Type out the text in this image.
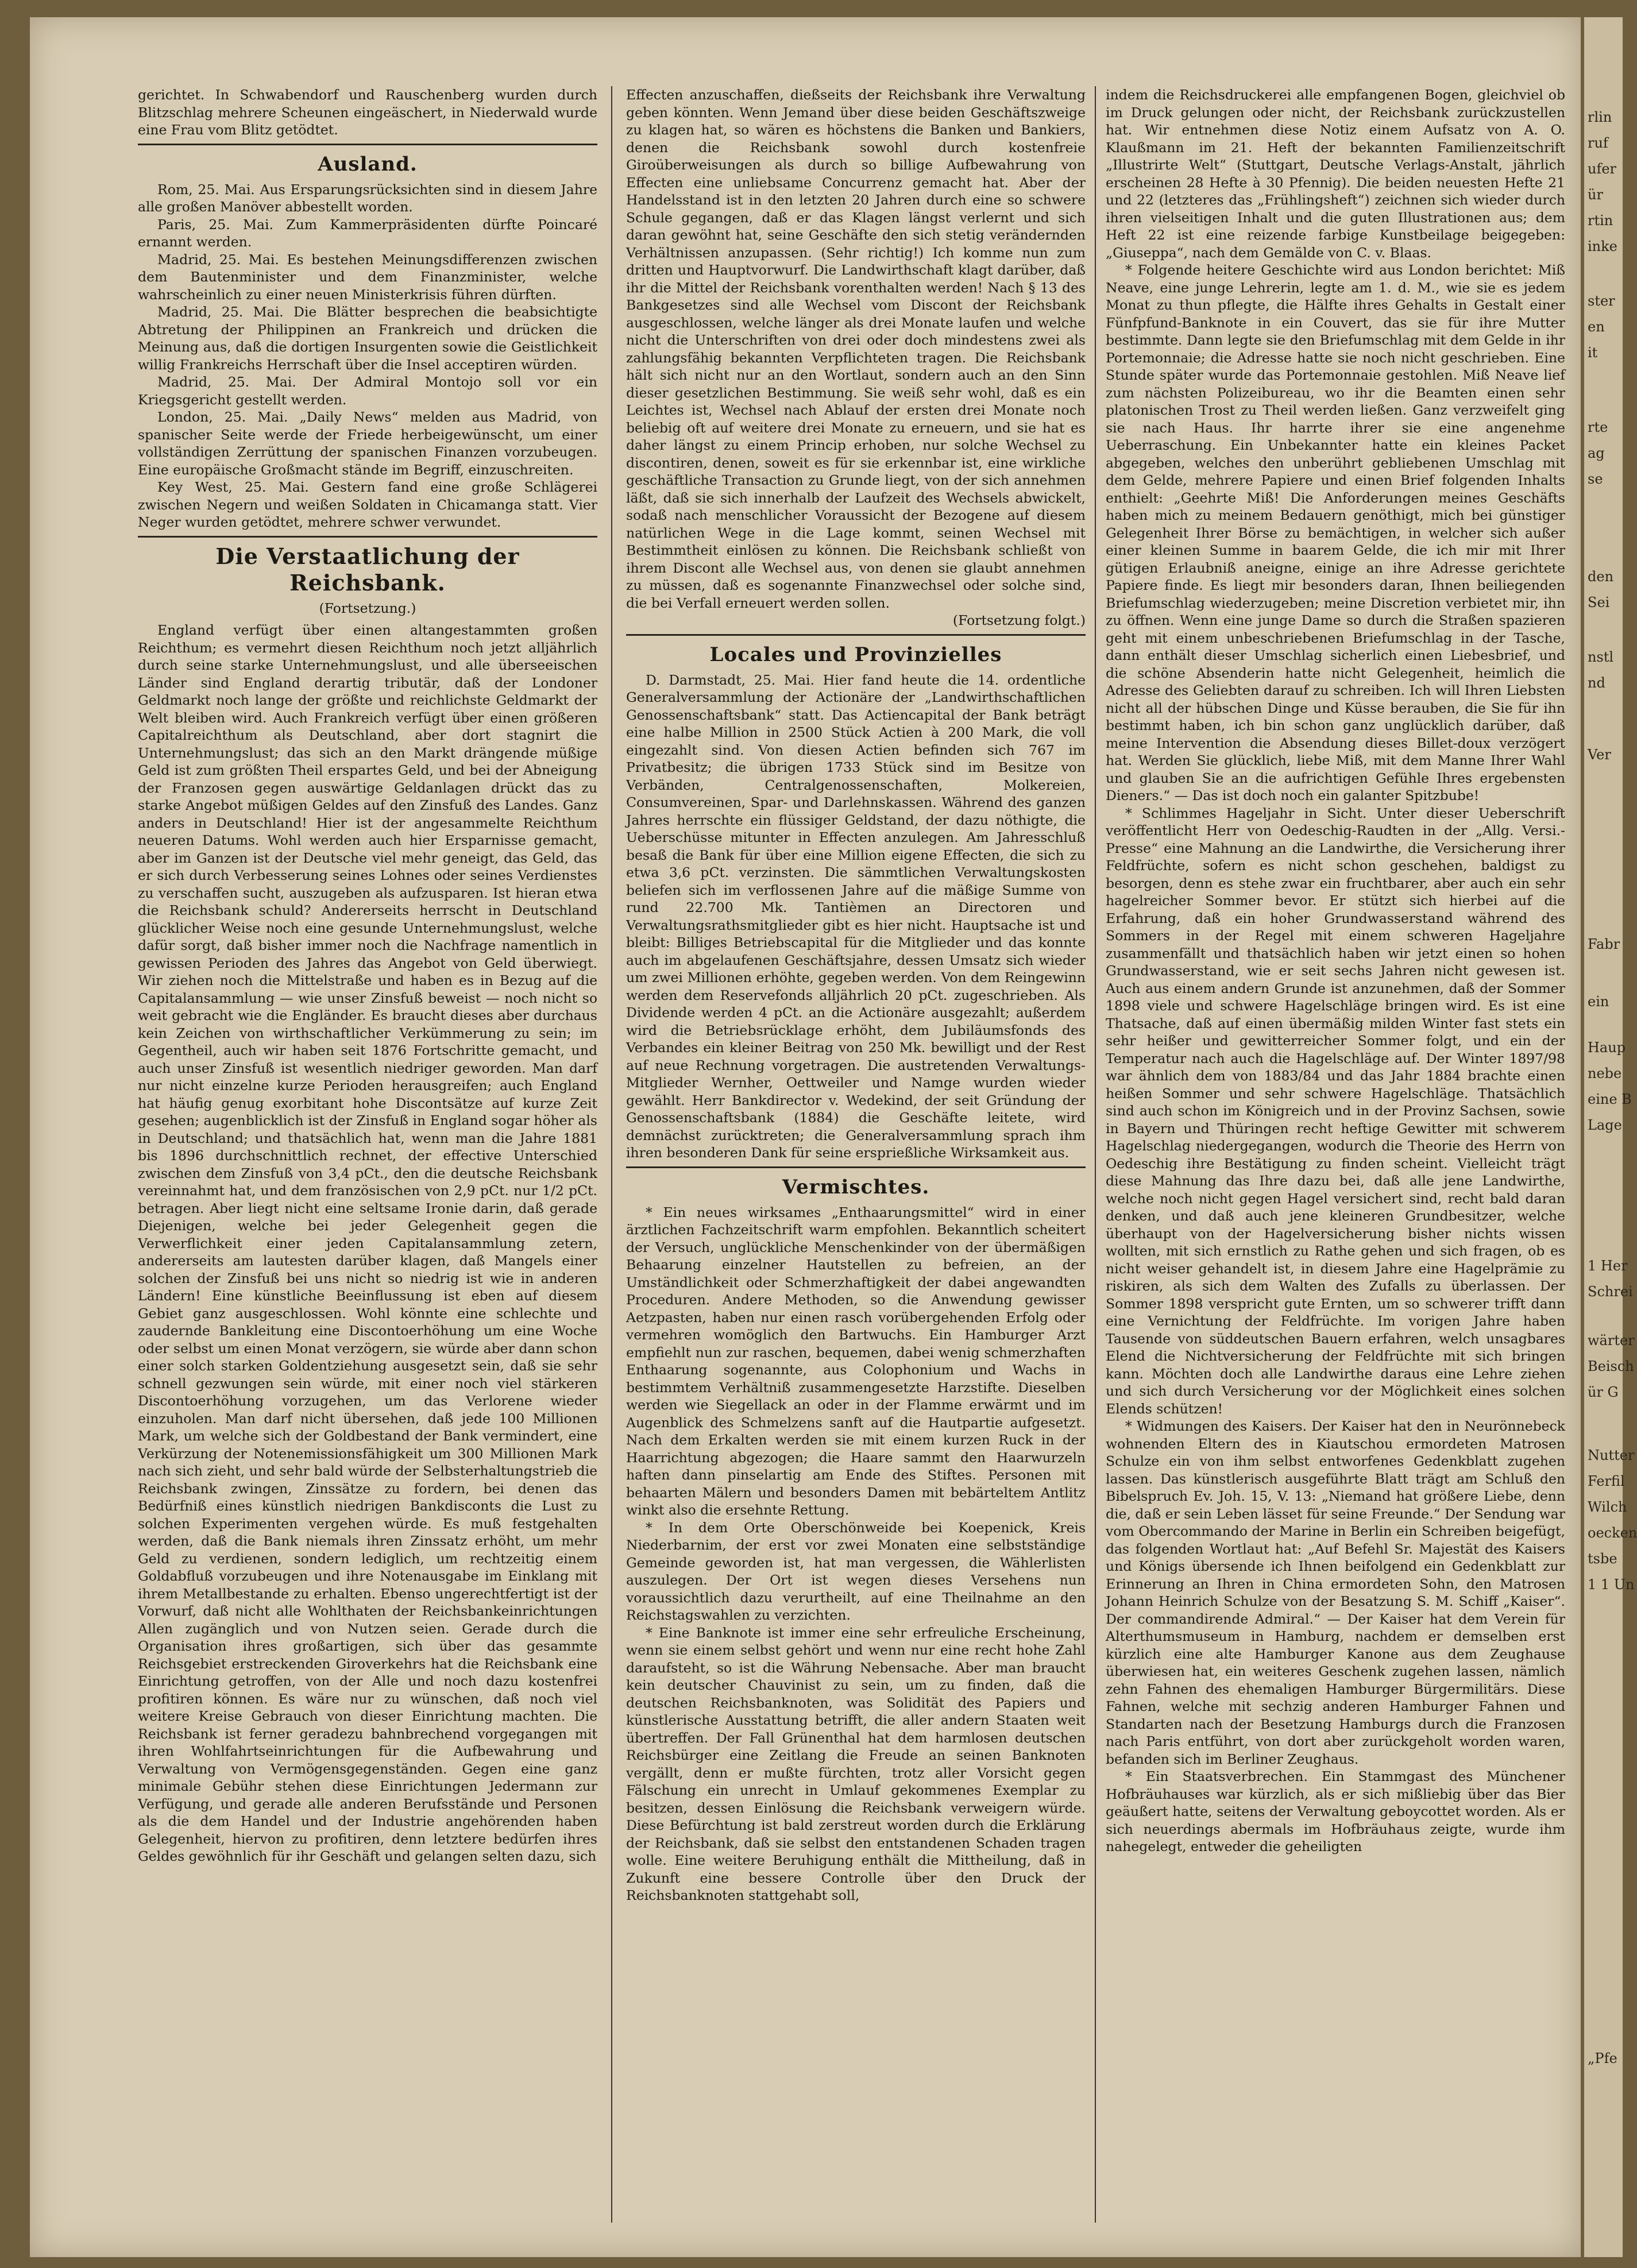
rlin
ruf
ufer
ür
rtin
inke
ster
en
it
rte
ag
se
den
Sei
nstl
nd
Ver
Fabr
ein
Haup
nebe
eine B
Lage
1 Her
Schrei
wärter
Beisch
ür G
Nutter
Ferfil
Wilch
oecken
tsbe
1 1 Un
„Pfe

gerichtet. In Schwabendorf und Rauschenberg wurden durch Blitzschlag mehrere Scheunen eingeäschert, in Niederwald wurde eine Frau vom Blitz getödtet.

Ausland.

Rom, 25. Mai. Aus Ersparungsrücksichten sind in diesem Jahre alle großen Manöver abbestellt worden.

Paris, 25. Mai. Zum Kammerpräsidenten dürfte Poincaré ernannt werden.

Madrid, 25. Mai. Es bestehen Meinungsdifferenzen zwischen dem Bautenminister und dem Finanzminister, welche wahrscheinlich zu einer neuen Ministerkrisis führen dürften.

Madrid, 25. Mai. Die Blätter besprechen die beabsichtigte Abtretung der Philippinen an Frankreich und drücken die Meinung aus, daß die dortigen Insurgenten sowie die Geistlichkeit willig Frankreichs Herrschaft über die Insel acceptiren würden.

Madrid, 25. Mai. Der Admiral Montojo soll vor ein Kriegsgericht gestellt werden.

London, 25. Mai. „Daily News“ melden aus Madrid, von spanischer Seite werde der Friede herbeigewünscht, um einer vollständigen Zerrüttung der spanischen Finanzen vorzubeugen. Eine europäische Großmacht stände im Begriff, einzuschreiten.

Key West, 25. Mai. Gestern fand eine große Schlägerei zwischen Negern und weißen Soldaten in Chicamanga statt. Vier Neger wurden getödtet, mehrere schwer verwundet.

Die Verstaatlichung der Reichsbank.
(Fortsetzung.)

England verfügt über einen altangestammten großen Reichthum; es vermehrt diesen Reichthum noch jetzt alljährlich durch seine starke Unternehmungslust, und alle überseeischen Länder sind England derartig tributär, daß der Londoner Geldmarkt noch lange der größte und reichlichste Geldmarkt der Welt bleiben wird. Auch Frankreich verfügt über einen größeren Capitalreichthum als Deutschland, aber dort stagnirt die Unternehmungslust; das sich an den Markt drängende müßige Geld ist zum größten Theil erspartes Geld, und bei der Abneigung der Franzosen gegen auswärtige Geldanlagen drückt das zu starke Angebot müßigen Geldes auf den Zinsfuß des Landes. Ganz anders in Deutschland! Hier ist der angesammelte Reichthum neueren Datums. Wohl werden auch hier Ersparnisse gemacht, aber im Ganzen ist der Deutsche viel mehr geneigt, das Geld, das er sich durch Verbesserung seines Lohnes oder seines Verdienstes zu verschaffen sucht, auszugeben als aufzusparen. Ist hieran etwa die Reichsbank schuld? Andererseits herrscht in Deutschland glücklicher Weise noch eine gesunde Unternehmungslust, welche dafür sorgt, daß bisher immer noch die Nachfrage namentlich in gewissen Perioden des Jahres das Angebot von Geld überwiegt. Wir ziehen noch die Mittelstraße und haben es in Bezug auf die Capitalansammlung — wie unser Zinsfuß beweist — noch nicht so weit gebracht wie die Engländer. Es braucht dieses aber durchaus kein Zeichen von wirthschaftlicher Verkümmerung zu sein; im Gegentheil, auch wir haben seit 1876 Fortschritte gemacht, und auch unser Zinsfuß ist wesentlich niedriger geworden. Man darf nur nicht einzelne kurze Perioden herausgreifen; auch England hat häufig genug exorbitant hohe Discontsätze auf kurze Zeit gesehen; augenblicklich ist der Zinsfuß in England sogar höher als in Deutschland; und thatsächlich hat, wenn man die Jahre 1881 bis 1896 durchschnittlich rechnet, der effective Unterschied zwischen dem Zinsfuß von 3,4 pCt., den die deutsche Reichsbank vereinnahmt hat, und dem französischen von 2,9 pCt. nur 1/2 pCt. betragen. Aber liegt nicht eine seltsame Ironie darin, daß gerade Diejenigen, welche bei jeder Gelegenheit gegen die Verwerflichkeit einer jeden Capitalansammlung zetern, andererseits am lautesten darüber klagen, daß Mangels einer solchen der Zinsfuß bei uns nicht so niedrig ist wie in anderen Ländern! Eine künstliche Beeinflussung ist eben auf diesem Gebiet ganz ausgeschlossen. Wohl könnte eine schlechte und zaudernde Bankleitung eine Discontoerhöhung um eine Woche oder selbst um einen Monat verzögern, sie würde aber dann schon einer solch starken Goldentziehung ausgesetzt sein, daß sie sehr schnell gezwungen sein würde, mit einer noch viel stärkeren Discontoerhöhung vorzugehen, um das Verlorene wieder einzuholen. Man darf nicht übersehen, daß jede 100 Millionen Mark, um welche sich der Goldbestand der Bank vermindert, eine Verkürzung der Notenemissionsfähigkeit um 300 Millionen Mark nach sich zieht, und sehr bald würde der Selbsterhaltungstrieb die Reichsbank zwingen, Zinssätze zu fordern, bei denen das Bedürfniß eines künstlich niedrigen Bankdisconts die Lust zu solchen Experimenten vergehen würde. Es muß festgehalten werden, daß die Bank niemals ihren Zinssatz erhöht, um mehr Geld zu verdienen, sondern lediglich, um rechtzeitig einem Goldabfluß vorzubeugen und ihre Notenausgabe im Einklang mit ihrem Metallbestande zu erhalten. Ebenso ungerechtfertigt ist der Vorwurf, daß nicht alle Wohlthaten der Reichsbankeinrichtungen Allen zugänglich und von Nutzen seien. Gerade durch die Organisation ihres großartigen, sich über das gesammte Reichsgebiet erstreckenden Giroverkehrs hat die Reichsbank eine Einrichtung getroffen, von der Alle und noch dazu kostenfrei profitiren können. Es wäre nur zu wünschen, daß noch viel weitere Kreise Gebrauch von dieser Einrichtung machten. Die Reichsbank ist ferner geradezu bahnbrechend vorgegangen mit ihren Wohlfahrtseinrichtungen für die Aufbewahrung und Verwaltung von Vermögensgegenständen. Gegen eine ganz minimale Gebühr stehen diese Einrichtungen Jedermann zur Verfügung, und gerade alle anderen Berufsstände und Personen als die dem Handel und der Industrie angehörenden haben Gelegenheit, hiervon zu profitiren, denn letztere bedürfen ihres Geldes gewöhnlich für ihr Geschäft und gelangen selten dazu, sich

Effecten anzuschaffen, dießseits der Reichsbank ihre Verwaltung geben könnten. Wenn Jemand über diese beiden Geschäftszweige zu klagen hat, so wären es höchstens die Banken und Bankiers, denen die Reichsbank sowohl durch kostenfreie Giroüberweisungen als durch so billige Aufbewahrung von Effecten eine unliebsame Concurrenz gemacht hat. Aber der Handelsstand ist in den letzten 20 Jahren durch eine so schwere Schule gegangen, daß er das Klagen längst verlernt und sich daran gewöhnt hat, seine Geschäfte den sich stetig verändernden Verhältnissen anzupassen. (Sehr richtig!) Ich komme nun zum dritten und Hauptvorwurf. Die Landwirthschaft klagt darüber, daß ihr die Mittel der Reichsbank vorenthalten werden! Nach § 13 des Bankgesetzes sind alle Wechsel vom Discont der Reichsbank ausgeschlossen, welche länger als drei Monate laufen und welche nicht die Unterschriften von drei oder doch mindestens zwei als zahlungsfähig bekannten Verpflichteten tragen. Die Reichsbank hält sich nicht nur an den Wortlaut, sondern auch an den Sinn dieser gesetzlichen Bestimmung. Sie weiß sehr wohl, daß es ein Leichtes ist, Wechsel nach Ablauf der ersten drei Monate noch beliebig oft auf weitere drei Monate zu erneuern, und sie hat es daher längst zu einem Princip erhoben, nur solche Wechsel zu discontiren, denen, soweit es für sie erkennbar ist, eine wirkliche geschäftliche Transaction zu Grunde liegt, von der sich annehmen läßt, daß sie sich innerhalb der Laufzeit des Wechsels abwickelt, sodaß nach menschlicher Voraussicht der Bezogene auf diesem natürlichen Wege in die Lage kommt, seinen Wechsel mit Bestimmtheit einlösen zu können. Die Reichsbank schließt von ihrem Discont alle Wechsel aus, von denen sie glaubt annehmen zu müssen, daß es sogenannte Finanzwechsel oder solche sind, die bei Verfall erneuert werden sollen.

(Fortsetzung folgt.)
Locales und Provinzielles

D. Darmstadt, 25. Mai. Hier fand heute die 14. ordentliche Generalversammlung der Actionäre der „Landwirthschaftlichen Genossenschaftsbank“ statt. Das Actiencapital der Bank beträgt eine halbe Million in 2500 Stück Actien à 200 Mark, die voll eingezahlt sind. Von diesen Actien befinden sich 767 im Privatbesitz; die übrigen 1733 Stück sind im Besitze von Verbänden, Centralgenossenschaften, Molkereien, Consumvereinen, Spar- und Darlehnskassen. Während des ganzen Jahres herrschte ein flüssiger Geldstand, der dazu nöthigte, die Ueberschüsse mitunter in Effecten anzulegen. Am Jahresschluß besaß die Bank für über eine Million eigene Effecten, die sich zu etwa 3,6 pCt. verzinsten. Die sämmtlichen Verwaltungskosten beliefen sich im verflossenen Jahre auf die mäßige Summe von rund 22.700 Mk. Tantièmen an Directoren und Verwaltungsrathsmitglieder gibt es hier nicht. Hauptsache ist und bleibt: Billiges Betriebscapital für die Mitglieder und das konnte auch im abgelaufenen Geschäftsjahre, dessen Umsatz sich wieder um zwei Millionen erhöhte, gegeben werden. Von dem Reingewinn werden dem Reservefonds alljährlich 20 pCt. zugeschrieben. Als Dividende werden 4 pCt. an die Actionäre ausgezahlt; außerdem wird die Betriebsrücklage erhöht, dem Jubiläumsfonds des Verbandes ein kleiner Beitrag von 250 Mk. bewilligt und der Rest auf neue Rechnung vorgetragen. Die austretenden Verwaltungs-Mitglieder Wernher, Oettweiler und Namge wurden wieder gewählt. Herr Bankdirector v. Wedekind, der seit Gründung der Genossenschaftsbank (1884) die Geschäfte leitete, wird demnächst zurücktreten; die Generalversammlung sprach ihm ihren besonderen Dank für seine ersprießliche Wirksamkeit aus.

Vermischtes.

* Ein neues wirksames „Enthaarungsmittel“ wird in einer ärztlichen Fachzeitschrift warm empfohlen. Bekanntlich scheitert der Versuch, unglückliche Menschenkinder von der übermäßigen Behaarung einzelner Hautstellen zu befreien, an der Umständlichkeit oder Schmerzhaftigkeit der dabei angewandten Proceduren. Andere Methoden, so die Anwendung gewisser Aetzpasten, haben nur einen rasch vorübergehenden Erfolg oder vermehren womöglich den Bartwuchs. Ein Hamburger Arzt empfiehlt nun zur raschen, bequemen, dabei wenig schmerzhaften Enthaarung sogenannte, aus Colophonium und Wachs in bestimmtem Verhältniß zusammengesetzte Harzstifte. Dieselben werden wie Siegellack an oder in der Flamme erwärmt und im Augenblick des Schmelzens sanft auf die Hautpartie aufgesetzt. Nach dem Erkalten werden sie mit einem kurzen Ruck in der Haarrichtung abgezogen; die Haare sammt den Haarwurzeln haften dann pinselartig am Ende des Stiftes. Personen mit behaarten Mälern und besonders Damen mit bebärteltem Antlitz winkt also die ersehnte Rettung.

* In dem Orte Oberschönweide bei Koepenick, Kreis Niederbarnim, der erst vor zwei Monaten eine selbstständige Gemeinde geworden ist, hat man vergessen, die Wählerlisten auszulegen. Der Ort ist wegen dieses Versehens nun voraussichtlich dazu verurtheilt, auf eine Theilnahme an den Reichstagswahlen zu verzichten.

* Eine Banknote ist immer eine sehr erfreuliche Erscheinung, wenn sie einem selbst gehört und wenn nur eine recht hohe Zahl daraufsteht, so ist die Währung Nebensache. Aber man braucht kein deutscher Chauvinist zu sein, um zu finden, daß die deutschen Reichsbanknoten, was Solidität des Papiers und künstlerische Ausstattung betrifft, die aller andern Staaten weit übertreffen. Der Fall Grünenthal hat dem harmlosen deutschen Reichsbürger eine Zeitlang die Freude an seinen Banknoten vergällt, denn er mußte fürchten, trotz aller Vorsicht gegen Fälschung ein unrecht in Umlauf gekommenes Exemplar zu besitzen, dessen Einlösung die Reichsbank verweigern würde. Diese Befürchtung ist bald zerstreut worden durch die Erklärung der Reichsbank, daß sie selbst den entstandenen Schaden tragen wolle. Eine weitere Beruhigung enthält die Mittheilung, daß in Zukunft eine bessere Controlle über den Druck der Reichsbanknoten stattgehabt soll,

indem die Reichsdruckerei alle empfangenen Bogen, gleichviel ob im Druck gelungen oder nicht, der Reichsbank zurückzustellen hat. Wir entnehmen diese Notiz einem Aufsatz von A. O. Klaußmann im 21. Heft der bekannten Familienzeitschrift „Illustrirte Welt“ (Stuttgart, Deutsche Verlags-Anstalt, jährlich erscheinen 28 Hefte à 30 Pfennig). Die beiden neuesten Hefte 21 und 22 (letzteres das „Frühlingsheft“) zeichnen sich wieder durch ihren vielseitigen Inhalt und die guten Illustrationen aus; dem Heft 22 ist eine reizende farbige Kunstbeilage beigegeben: „Giuseppa“, nach dem Gemälde von C. v. Blaas.

* Folgende heitere Geschichte wird aus London berichtet: Miß Neave, eine junge Lehrerin, legte am 1. d. M., wie sie es jedem Monat zu thun pflegte, die Hälfte ihres Gehalts in Gestalt einer Fünfpfund-Banknote in ein Couvert, das sie für ihre Mutter bestimmte. Dann legte sie den Briefumschlag mit dem Gelde in ihr Portemonnaie; die Adresse hatte sie noch nicht geschrieben. Eine Stunde später wurde das Portemonnaie gestohlen. Miß Neave lief zum nächsten Polizeibureau, wo ihr die Beamten einen sehr platonischen Trost zu Theil werden ließen. Ganz verzweifelt ging sie nach Haus. Ihr harrte ihrer sie eine angenehme Ueberraschung. Ein Unbekannter hatte ein kleines Packet abgegeben, welches den unberührt gebliebenen Umschlag mit dem Gelde, mehrere Papiere und einen Brief folgenden Inhalts enthielt: „Geehrte Miß! Die Anforderungen meines Geschäfts haben mich zu meinem Bedauern genöthigt, mich bei günstiger Gelegenheit Ihrer Börse zu bemächtigen, in welcher sich außer einer kleinen Summe in baarem Gelde, die ich mir mit Ihrer gütigen Erlaubniß aneigne, einige an ihre Adresse gerichtete Papiere finde. Es liegt mir besonders daran, Ihnen beiliegenden Briefumschlag wiederzugeben; meine Discretion verbietet mir, ihn zu öffnen. Wenn eine junge Dame so durch die Straßen spazieren geht mit einem unbeschriebenen Briefumschlag in der Tasche, dann enthält dieser Umschlag sicherlich einen Liebesbrief, und die schöne Absenderin hatte nicht Gelegenheit, heimlich die Adresse des Geliebten darauf zu schreiben. Ich will Ihren Liebsten nicht all der hübschen Dinge und Küsse berauben, die Sie für ihn bestimmt haben, ich bin schon ganz unglücklich darüber, daß meine Intervention die Absendung dieses Billet-doux verzögert hat. Werden Sie glücklich, liebe Miß, mit dem Manne Ihrer Wahl und glauben Sie an die aufrichtigen Gefühle Ihres ergebensten Dieners.“ — Das ist doch noch ein galanter Spitzbube!

* Schlimmes Hageljahr in Sicht. Unter dieser Ueberschrift veröffentlicht Herr von Oedeschig-Raudten in der „Allg. Versi.-Presse“ eine Mahnung an die Landwirthe, die Versicherung ihrer Feldfrüchte, sofern es nicht schon geschehen, baldigst zu besorgen, denn es stehe zwar ein fruchtbarer, aber auch ein sehr hagelreicher Sommer bevor. Er stützt sich hierbei auf die Erfahrung, daß ein hoher Grundwasserstand während des Sommers in der Regel mit einem schweren Hageljahre zusammenfällt und thatsächlich haben wir jetzt einen so hohen Grundwasserstand, wie er seit sechs Jahren nicht gewesen ist. Auch aus einem andern Grunde ist anzunehmen, daß der Sommer 1898 viele und schwere Hagelschläge bringen wird. Es ist eine Thatsache, daß auf einen übermäßig milden Winter fast stets ein sehr heißer und gewitterreicher Sommer folgt, und ein der Temperatur nach auch die Hagelschläge auf. Der Winter 1897/98 war ähnlich dem von 1883/84 und das Jahr 1884 brachte einen heißen Sommer und sehr schwere Hagelschläge. Thatsächlich sind auch schon im Königreich und in der Provinz Sachsen, sowie in Bayern und Thüringen recht heftige Gewitter mit schwerem Hagelschlag niedergegangen, wodurch die Theorie des Herrn von Oedeschig ihre Bestätigung zu finden scheint. Vielleicht trägt diese Mahnung das Ihre dazu bei, daß alle jene Landwirthe, welche noch nicht gegen Hagel versichert sind, recht bald daran denken, und daß auch jene kleineren Grundbesitzer, welche überhaupt von der Hagelversicherung bisher nichts wissen wollten, mit sich ernstlich zu Rathe gehen und sich fragen, ob es nicht weiser gehandelt ist, in diesem Jahre eine Hagelprämie zu riskiren, als sich dem Walten des Zufalls zu überlassen. Der Sommer 1898 verspricht gute Ernten, um so schwerer trifft dann eine Vernichtung der Feldfrüchte. Im vorigen Jahre haben Tausende von süddeutschen Bauern erfahren, welch unsagbares Elend die Nichtversicherung der Feldfrüchte mit sich bringen kann. Möchten doch alle Landwirthe daraus eine Lehre ziehen und sich durch Versicherung vor der Möglichkeit eines solchen Elends schützen!

* Widmungen des Kaisers. Der Kaiser hat den in Neurönnebeck wohnenden Eltern des in Kiautschou ermordeten Matrosen Schulze ein von ihm selbst entworfenes Gedenkblatt zugehen lassen. Das künstlerisch ausgeführte Blatt trägt am Schluß den Bibelspruch Ev. Joh. 15, V. 13: „Niemand hat größere Liebe, denn die, daß er sein Leben lässet für seine Freunde.“ Der Sendung war vom Obercommando der Marine in Berlin ein Schreiben beigefügt, das folgenden Wortlaut hat: „Auf Befehl Sr. Majestät des Kaisers und Königs übersende ich Ihnen beifolgend ein Gedenkblatt zur Erinnerung an Ihren in China ermordeten Sohn, den Matrosen Johann Heinrich Schulze von der Besatzung S. M. Schiff „Kaiser“. Der commandirende Admiral.“ — Der Kaiser hat dem Verein für Alterthumsmuseum in Hamburg, nachdem er demselben erst kürzlich eine alte Hamburger Kanone aus dem Zeughause überwiesen hat, ein weiteres Geschenk zugehen lassen, nämlich zehn Fahnen des ehemaligen Hamburger Bürgermilitärs. Diese Fahnen, welche mit sechzig anderen Hamburger Fahnen und Standarten nach der Besetzung Hamburgs durch die Franzosen nach Paris entführt, von dort aber zurückgeholt worden waren, befanden sich im Berliner Zeughaus.

* Ein Staatsverbrechen. Ein Stammgast des Münchener Hofbräuhauses war kürzlich, als er sich mißliebig über das Bier geäußert hatte, seitens der Verwaltung geboycottet worden. Als er sich neuerdings abermals im Hofbräuhaus zeigte, wurde ihm nahegelegt, entweder die geheiligten
